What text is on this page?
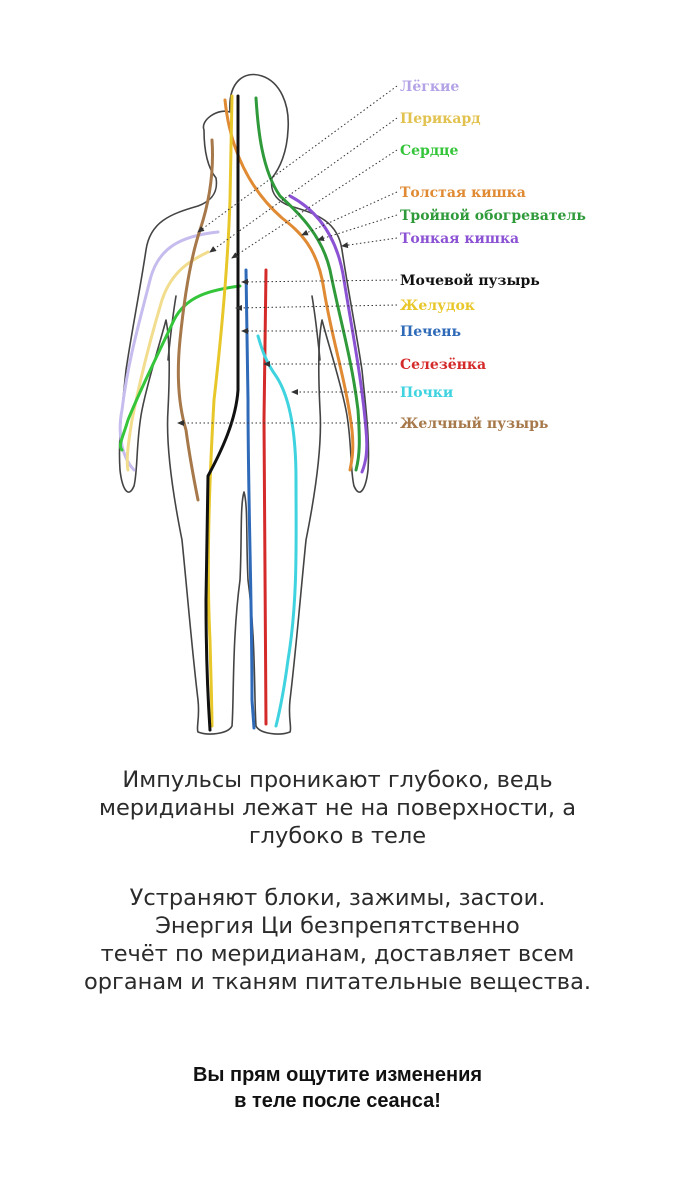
Лёгкие
Перикард
Сердце
Толстая кишка
Тройной обогреватель
Тонкая кишка
Мочевой пузырь
Желудок
Печень
Селезёнка
Почки
Желчный пузырь
Импульсы проникают глубоко, ведь
меридианы лежат не на поверхности, а
глубоко в теле
Устраняют блоки, зажимы, застои.
Энергия Ци безпрепятственно
течёт по меридианам, доставляет всем
органам и тканям питательные вещества.
Вы прям ощутите изменения
в теле после сеанса!
